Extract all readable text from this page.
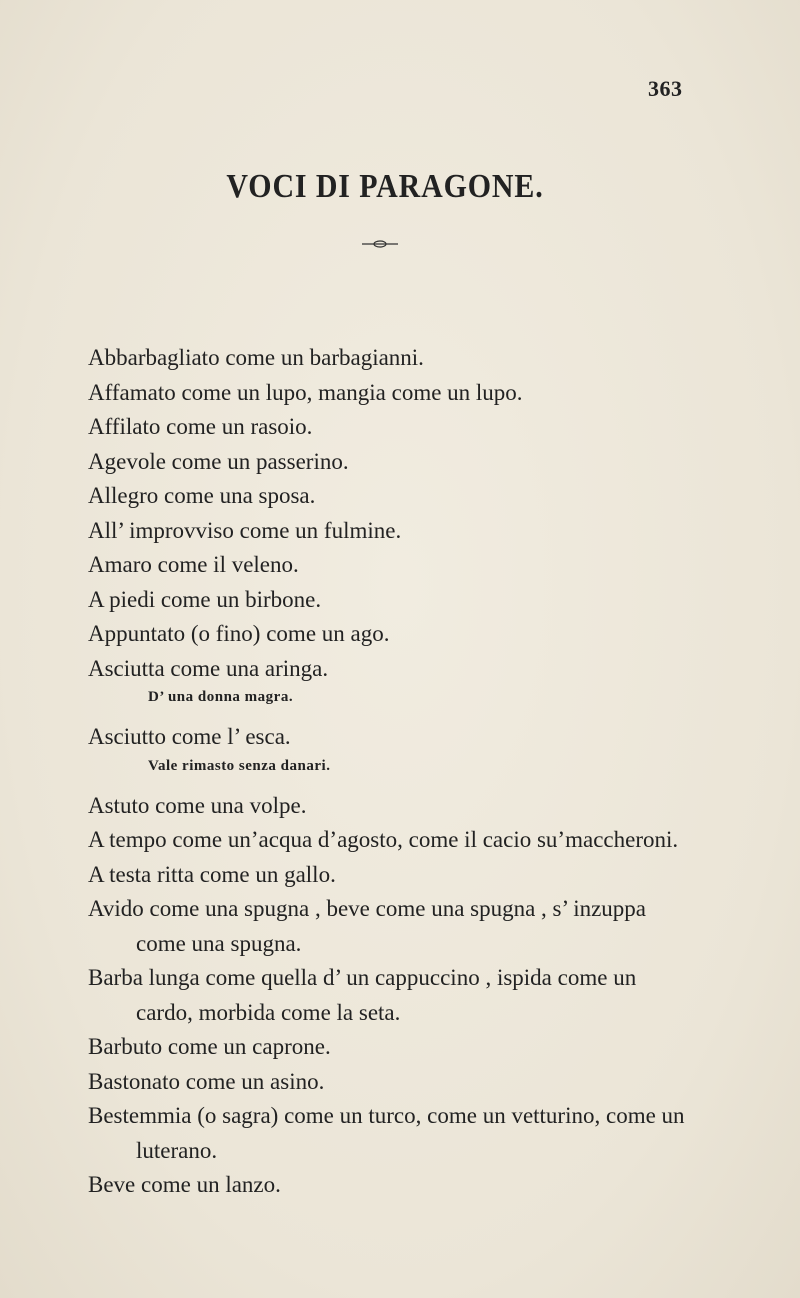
363
VOCI DI PARAGONE.
Abbarbagliato come un barbagianni.
Affamato come un lupo, mangia come un lupo.
Affilato come un rasoio.
Agevole come un passerino.
Allegro come una sposa.
All’ improvviso come un fulmine.
Amaro come il veleno.
A piedi come un birbone.
Appuntato (o fino) come un ago.
Asciutta come una aringa.
D’ una donna magra.
Asciutto come l’ esca.
Vale rimasto senza danari.
Astuto come una volpe.
A tempo come un’acqua d’agosto, come il cacio su’maccheroni.
A testa ritta come un gallo.
Avido come una spugna , beve come una spugna , s’ inzuppa come una spugna.
Barba lunga come quella d’ un cappuccino , ispida come un cardo, morbida come la seta.
Barbuto come un caprone.
Bastonato come un asino.
Bestemmia (o sagra) come un turco, come un vetturino, come un luterano.
Beve come un lanzo.
